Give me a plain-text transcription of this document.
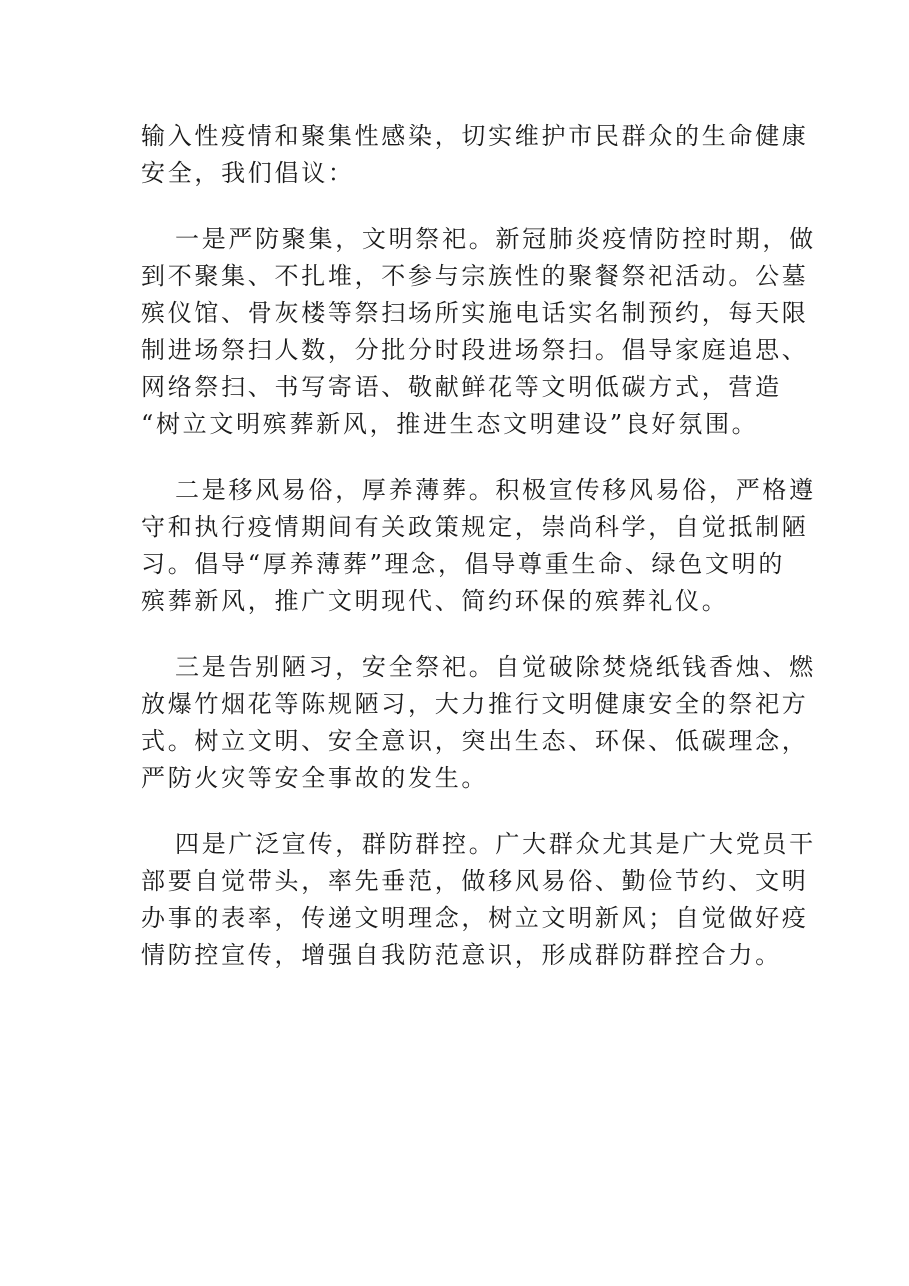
输入性疫情和聚集性感染，切实维护市民群众的生命健康
安全，我们倡议：

一是严防聚集，文明祭祀。新冠肺炎疫情防控时期，做
到不聚集、不扎堆，不参与宗族性的聚餐祭祀活动。公墓
殡仪馆、骨灰楼等祭扫场所实施电话实名制预约，每天限
制进场祭扫人数，分批分时段进场祭扫。倡导家庭追思、
网络祭扫、书写寄语、敬献鲜花等文明低碳方式，营造
“树立文明殡葬新风，推进生态文明建设”良好氛围。

二是移风易俗，厚养薄葬。积极宣传移风易俗，严格遵
守和执行疫情期间有关政策规定，崇尚科学，自觉抵制陋
习。倡导“厚养薄葬”理念，倡导尊重生命、绿色文明的
殡葬新风，推广文明现代、简约环保的殡葬礼仪。

三是告别陋习，安全祭祀。自觉破除焚烧纸钱香烛、燃
放爆竹烟花等陈规陋习，大力推行文明健康安全的祭祀方
式。树立文明、安全意识，突出生态、环保、低碳理念，
严防火灾等安全事故的发生。

四是广泛宣传，群防群控。广大群众尤其是广大党员干
部要自觉带头，率先垂范，做移风易俗、勤俭节约、文明
办事的表率，传递文明理念，树立文明新风；自觉做好疫
情防控宣传，增强自我防范意识，形成群防群控合力。
